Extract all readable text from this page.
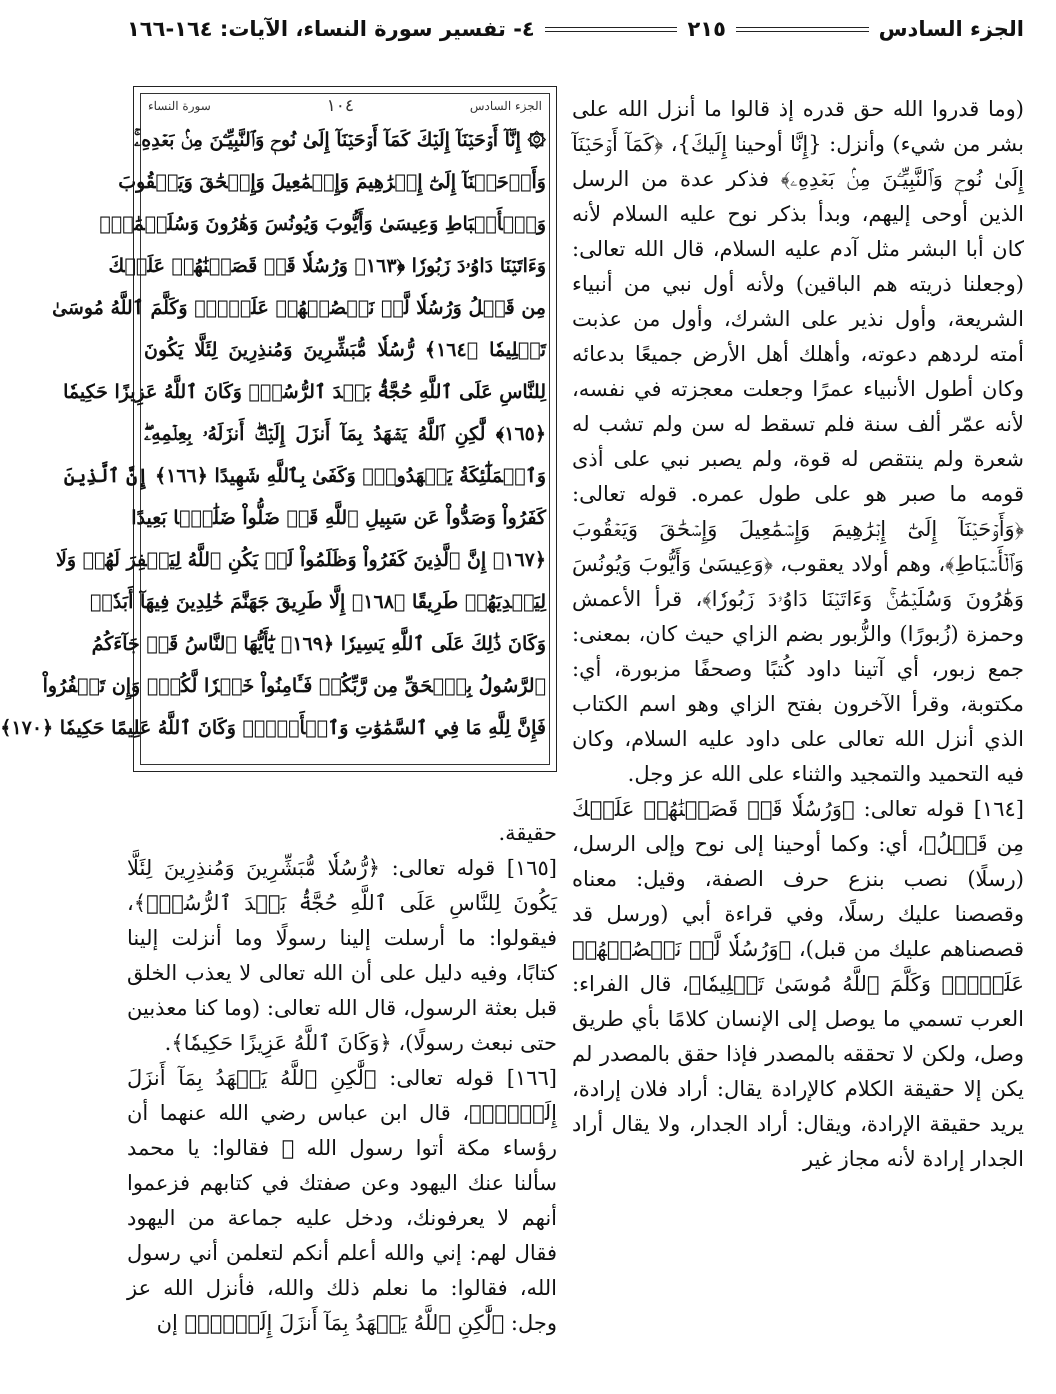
الجزء السادس
٢١٥
٤- تفسير سورة النساء، الآيات: ١٦٤-١٦٦

(وما قدروا الله حق قدره إذ قالوا ما أنزل الله على بشر من شيء) وأنزل: {إِنَّا أوحينا إِلَيكَ}، ﴿كَمَآ أَوۡحَيۡنَآ إِلَىٰ نُوحٖ وَٱلنَّبِيِّـۧنَ مِنۢ بَعۡدِهِۦ﴾ فذكر عدة من الرسل الذين أوحى إليهم، وبدأ بذكر نوح عليه السلام لأنه كان أبا البشر مثل آدم عليه السلام، قال الله تعالى: (وجعلنا ذريته هم الباقين) ولأنه أول نبي من أنبياء الشريعة، وأول نذير على الشرك، وأول من عذبت أمته لردهم دعوته، وأهلك أهل الأرض جميعًا بدعائه وكان أطول الأنبياء عمرًا وجعلت معجزته في نفسه، لأنه عمّر ألف سنة فلم تسقط له سن ولم تشب له شعرة ولم ينتقص له قوة، ولم يصبر نبي على أذى قومه ما صبر هو على طول عمره. قوله تعالى: ﴿وَأَوۡحَيۡنَآ إِلَىٰٓ إِبۡرَٰهِيمَ وَإِسۡمَٰعِيلَ وَإِسۡحَٰقَ وَيَعۡقُوبَ وَٱلۡأَسۡبَاطِ﴾، وهم أولاد يعقوب، ﴿وَعِيسَىٰ وَأَيُّوبَ وَيُونُسَ وَهَٰرُونَ وَسُلَيۡمَٰنَۚ وَءَاتَيۡنَا دَاوُۥدَ زَبُورٗا﴾، قرأ الأعمش وحمزة (زُبورًا) والزُّبور بضم الزاي حيث كان، بمعنى: جمع زبور، أي آتينا داود كُتبًا وصحفًا مزبورة، أي: مكتوبة، وقرأ الآخرون بفتح الزاي وهو اسم الكتاب الذي أنزل الله تعالى على داود عليه السلام، وكان فيه التحميد والتمجيد والثناء على الله عز وجل.

[١٦٤] قوله تعالى: ﴿وَرُسُلٗا قَدۡ قَصَصۡنَٰهُمۡ عَلَيۡكَ مِن قَبۡلُ﴾، أي: وكما أوحينا إلى نوح وإلى الرسل، (رسلًا) نصب بنزع حرف الصفة، وقيل: معناه وقصصنا عليك رسلًا، وفي قراءة أبي (ورسل قد قصصناهم عليك من قبل)، ﴿وَرُسُلٗا لَّمۡ نَقۡصُصۡهُمۡ عَلَيۡكَۚ وَكَلَّمَ ٱللَّهُ مُوسَىٰ تَكۡلِيمٗا﴾، قال الفراء: العرب تسمي ما يوصل إلى الإنسان كلامًا بأي طريق وصل، ولكن لا تحققه بالمصدر فإذا حقق بالمصدر لم يكن إلا حقيقة الكلام كالإرادة يقال: أراد فلان إرادة، يريد حقيقة الإرادة، ويقال: أراد الجدار، ولا يقال أراد الجدار إرادة لأنه مجاز غير

الجزء السادس
١٠٤
سورة النساء
۞ إِنَّآ أَوۡحَيۡنَآ إِلَيۡكَ كَمَآ أَوۡحَيۡنَآ إِلَىٰ نُوحٖ وَٱلنَّبِيِّـۧنَ مِنۢ بَعۡدِهِۦۚ
وَأَوۡحَيۡنَآ إِلَىٰٓ إِبۡرَٰهِيمَ وَإِسۡمَٰعِيلَ وَإِسۡحَٰقَ وَيَعۡقُوبَ
وَٱلۡأَسۡبَاطِ وَعِيسَىٰ وَأَيُّوبَ وَيُونُسَ وَهَٰرُونَ وَسُلَيۡمَٰنَۚ
وَءَاتَيۡنَا دَاوُۥدَ زَبُورٗا ﴿١٦٣﴾ وَرُسُلٗا قَدۡ قَصَصۡنَٰهُمۡ عَلَيۡكَ
مِن قَبۡلُ وَرُسُلٗا لَّمۡ نَقۡصُصۡهُمۡ عَلَيۡكَۚ وَكَلَّمَ ٱللَّهُ مُوسَىٰ
تَكۡلِيمٗا ﴿١٦٤﴾ رُّسُلٗا مُّبَشِّرِينَ وَمُنذِرِينَ لِئَلَّا يَكُونَ
لِلنَّاسِ عَلَى ٱللَّهِ حُجَّةُۢ بَعۡدَ ٱلرُّسُلِۚ وَكَانَ ٱللَّهُ عَزِيزًا حَكِيمٗا
﴿١٦٥﴾ لَّٰكِنِ ٱللَّهُ يَشۡهَدُ بِمَآ أَنزَلَ إِلَيۡكَۖ أَنزَلَهُۥ بِعِلۡمِهِۦۖ
وَٱلۡمَلَٰٓئِكَةُ يَشۡهَدُونَۚ وَكَفَىٰ بِٱللَّهِ شَهِيدًا ﴿١٦٦﴾ إِنَّ ٱلَّذِينَ
كَفَرُواْ وَصَدُّواْ عَن سَبِيلِ ٱللَّهِ قَدۡ ضَلُّواْ ضَلَٰلَۢا بَعِيدًا
﴿١٦٧﴾ إِنَّ ٱلَّذِينَ كَفَرُواْ وَظَلَمُواْ لَمۡ يَكُنِ ٱللَّهُ لِيَغۡفِرَ لَهُمۡ وَلَا
لِيَهۡدِيَهُمۡ طَرِيقًا ﴿١٦٨﴾ إِلَّا طَرِيقَ جَهَنَّمَ خَٰلِدِينَ فِيهَآ أَبَدٗاۚ
وَكَانَ ذَٰلِكَ عَلَى ٱللَّهِ يَسِيرٗا ﴿١٦٩﴾ يَٰٓأَيُّهَا ٱلنَّاسُ قَدۡ جَآءَكُمُ
ٱلرَّسُولُ بِٱلۡحَقِّ مِن رَّبِّكُمۡ فَـَٔامِنُواْ خَيۡرٗا لَّكُمۡۚ وَإِن تَكۡفُرُواْ
فَإِنَّ لِلَّهِ مَا فِي ٱلسَّمَٰوَٰتِ وَٱلۡأَرۡضِۚ وَكَانَ ٱللَّهُ عَلِيمًا حَكِيمٗا ﴿١٧٠﴾

حقيقة.

[١٦٥] قوله تعالى: ﴿رُّسُلٗا مُّبَشِّرِينَ وَمُنذِرِينَ لِئَلَّا يَكُونَ لِلنَّاسِ عَلَى ٱللَّهِ حُجَّةُۢ بَعۡدَ ٱلرُّسُلِۚ﴾، فيقولوا: ما أرسلت إلينا رسولًا وما أنزلت إلينا كتابًا، وفيه دليل على أن الله تعالى لا يعذب الخلق قبل بعثة الرسول، قال الله تعالى: (وما كنا معذبين حتى نبعث رسولًا)، ﴿وَكَانَ ٱللَّهُ عَزِيزًا حَكِيمٗا﴾.

[١٦٦] قوله تعالى: ﴿لَّٰكِنِ ٱللَّهُ يَشۡهَدُ بِمَآ أَنزَلَ إِلَيۡكَۖ﴾، قال ابن عباس رضي الله عنهما أن رؤساء مكة أتوا رسول الله ﷺ فقالوا: يا محمد سألنا عنك اليهود وعن صفتك في كتابهم فزعموا أنهم لا يعرفونك، ودخل عليه جماعة من اليهود فقال لهم: إني والله أعلم أنكم لتعلمن أني رسول الله، فقالوا: ما نعلم ذلك والله، فأنزل الله عز وجل: ﴿لَّٰكِنِ ٱللَّهُ يَشۡهَدُ بِمَآ أَنزَلَ إِلَيۡكَۖ﴾ إن
